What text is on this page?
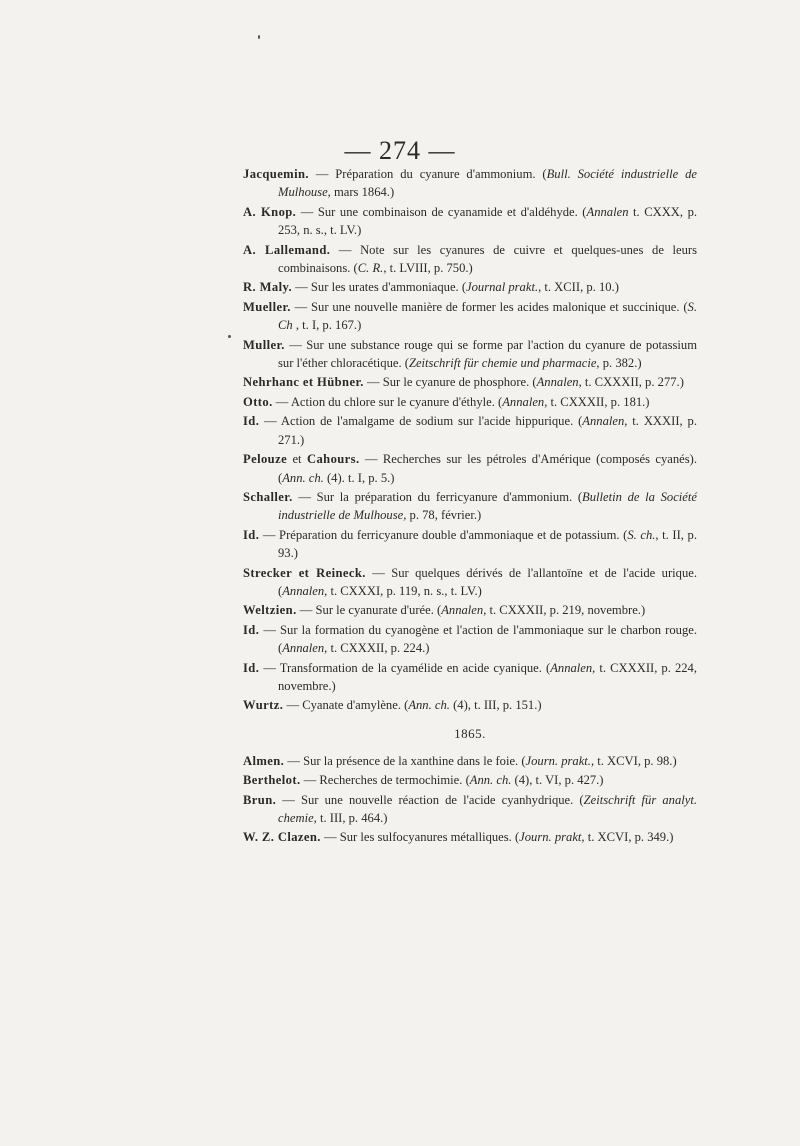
— 274 —

Jacquemin. — Préparation du cyanure d'ammonium. (Bull. Société industrielle de Mulhouse, mars 1864.)

A. Knop. — Sur une combinaison de cyanamide et d'aldéhyde. (Annalen t. CXXX, p. 253, n. s., t. LV.)

A. Lallemand. — Note sur les cyanures de cuivre et quelques-unes de leurs combinaisons. (C. R., t. LVIII, p. 750.)

R. Maly. — Sur les urates d'ammoniaque. (Journal prakt., t. XCII, p. 10.)

Mueller. — Sur une nouvelle manière de former les acides malonique et succinique. (S. Ch , t. I, p. 167.)

Muller. — Sur une substance rouge qui se forme par l'action du cyanure de potassium sur l'éther chloracétique. (Zeitschrift für chemie und pharmacie, p. 382.)

Nehrhanc et Hübner. — Sur le cyanure de phosphore. (Annalen, t. CXXXII, p. 277.)

Otto. — Action du chlore sur le cyanure d'éthyle. (Annalen, t. CXXXII, p. 181.)

Id. — Action de l'amalgame de sodium sur l'acide hippurique. (Annalen, t. XXXII, p. 271.)

Pelouze et Cahours. — Recherches sur les pétroles d'Amérique (composés cyanés). (Ann. ch. (4). t. I, p. 5.)

Schaller. — Sur la préparation du ferricyanure d'ammonium. (Bulletin de la Société industrielle de Mulhouse, p. 78, février.)

Id. — Préparation du ferricyanure double d'ammoniaque et de potassium. (S. ch., t. II, p. 93.)

Strecker et Reineck. — Sur quelques dérivés de l'allantoïne et de l'acide urique. (Annalen, t. CXXXI, p. 119, n. s., t. LV.)

Weltzien. — Sur le cyanurate d'urée. (Annalen, t. CXXXII, p. 219, novembre.)

Id. — Sur la formation du cyanogène et l'action de l'ammoniaque sur le charbon rouge. (Annalen, t. CXXXII, p. 224.)

Id. — Transformation de la cyamélide en acide cyanique. (Annalen, t. CXXXII, p. 224, novembre.)

Wurtz. — Cyanate d'amylène. (Ann. ch. (4), t. III, p. 151.)

1865.

Almen. — Sur la présence de la xanthine dans le foie. (Journ. prakt., t. XCVI, p. 98.)

Berthelot. — Recherches de termochimie. (Ann. ch. (4), t. VI, p. 427.)

Brun. — Sur une nouvelle réaction de l'acide cyanhydrique. (Zeitschrift für analyt. chemie, t. III, p. 464.)

W. Z. Clazen. — Sur les sulfocyanures métalliques. (Journ. prakt, t. XCVI, p. 349.)
